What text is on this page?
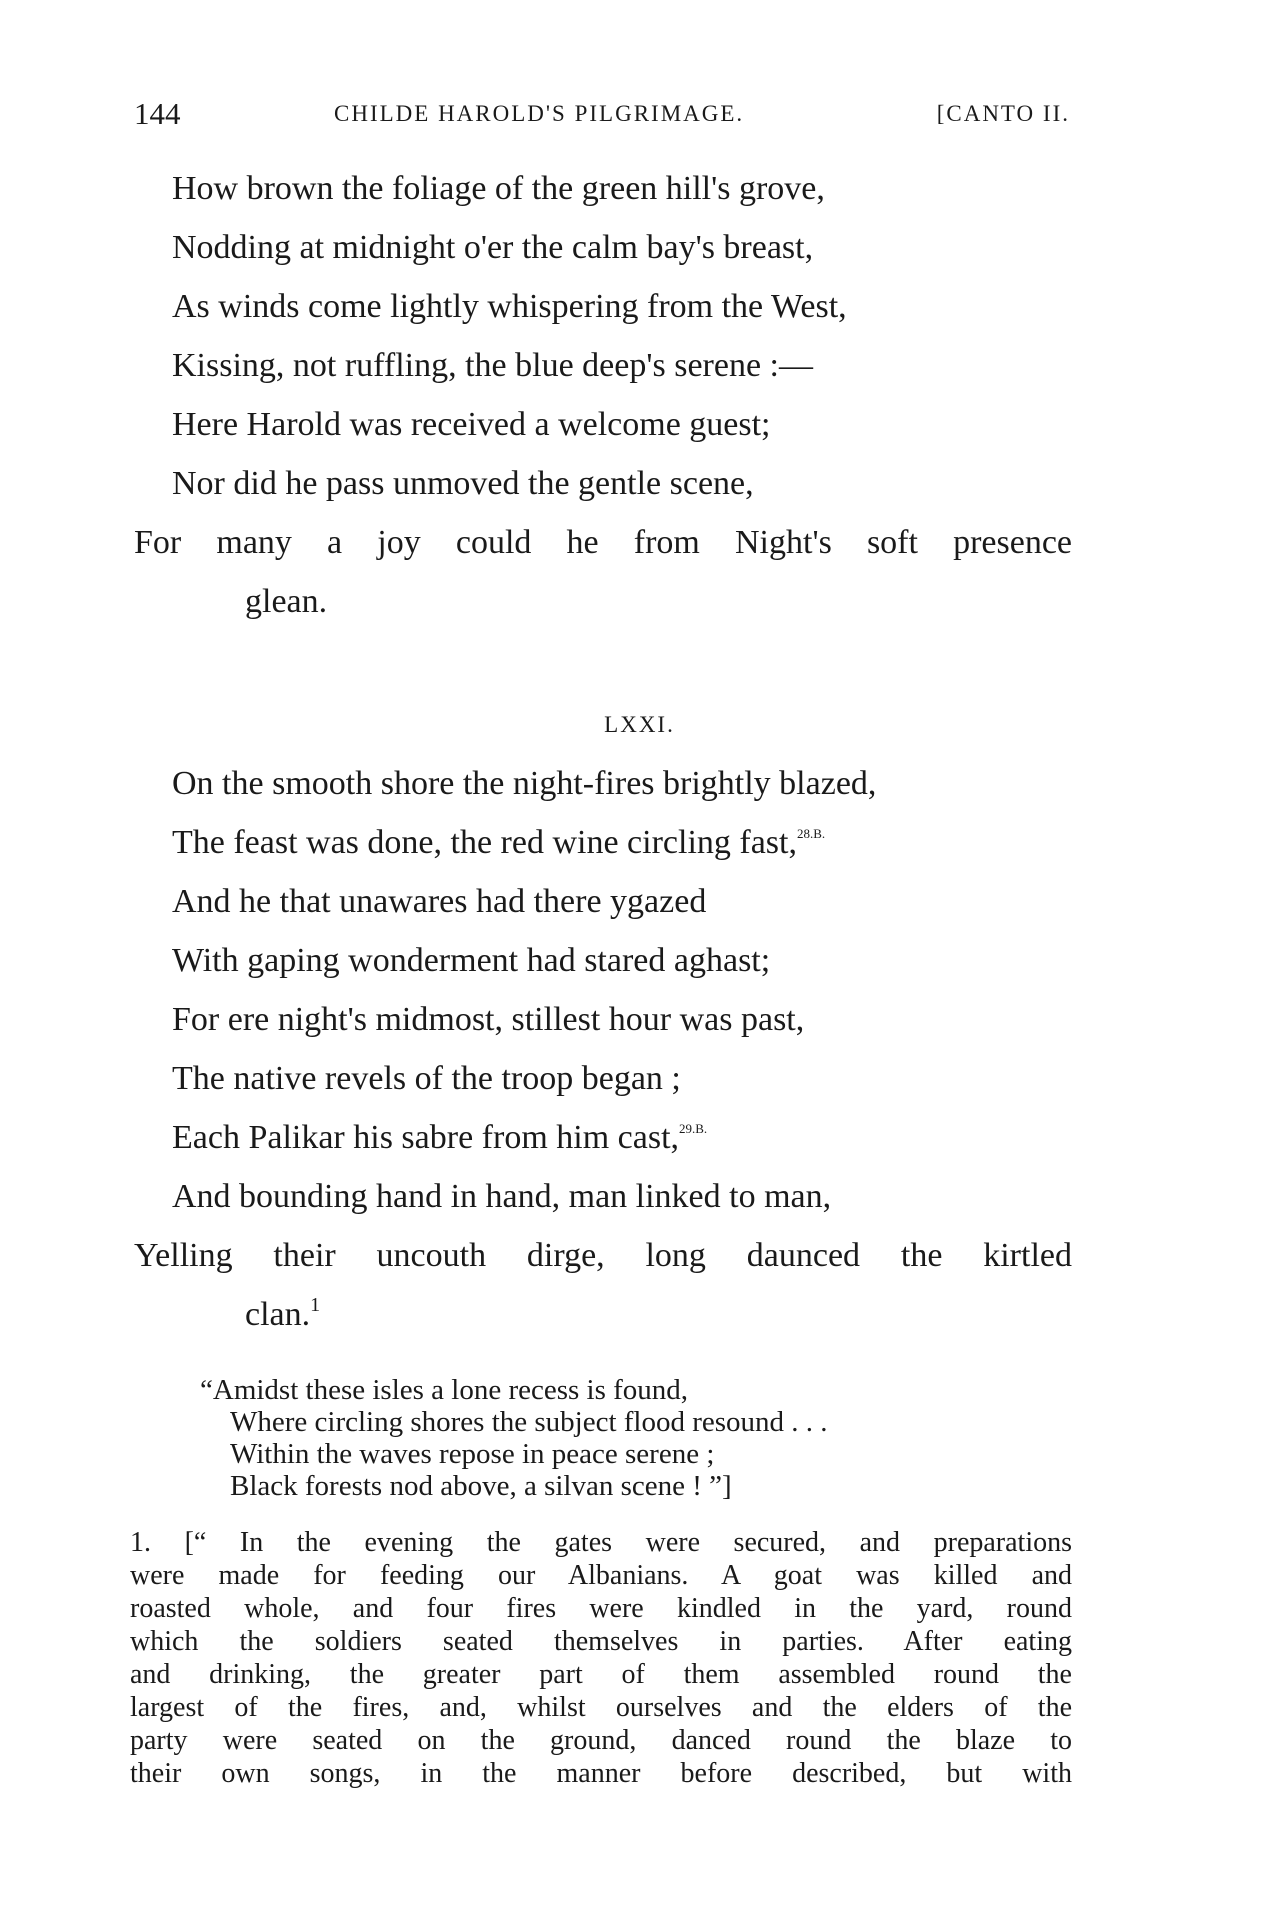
144	CHILDE HAROLD'S PILGRIMAGE.	[CANTO II.
How brown the foliage of the green hill's grove,
Nodding at midnight o'er the calm bay's breast,
As winds come lightly whispering from the West,
Kissing, not ruffling, the blue deep's serene :—
Here Harold was received a welcome guest;
Nor did he pass unmoved the gentle scene,
For many a joy could he from Night's soft presence
glean.
LXXI.
On the smooth shore the night-fires brightly blazed,
The feast was done, the red wine circling fast,$^{28.B.}$
And he that unawares had there ygazed
With gaping wonderment had stared aghast;
For ere night's midmost, stillest hour was past,
The native revels of the troop began ;
Each Palikar his sabre from him cast,$^{29.B.}$
And bounding hand in hand, man linked to man,
Yelling their uncouth dirge, long daunced the kirtled
clan.$^1$
“Amidst these isles a lone recess is found,
Where circling shores the subject flood resound . . .
Within the waves repose in peace serene ;
Black forests nod above, a silvan scene ! ”]
1. [“ In the evening the gates were secured, and preparations
were made for feeding our Albanians. A goat was killed and
roasted whole, and four fires were kindled in the yard, round
which the soldiers seated themselves in parties. After eating
and drinking, the greater part of them assembled round the
largest of the fires, and, whilst ourselves and the elders of the
party were seated on the ground, danced round the blaze to
their own songs, in the manner before described, but with
